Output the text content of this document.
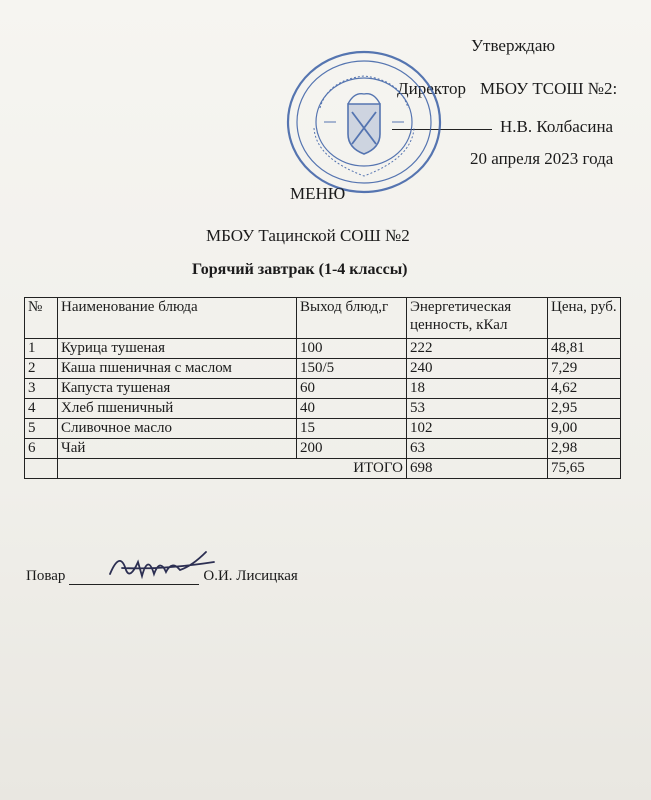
Утверждаю
Директор МБОУ ТСОШ №2:
Н.В. Колбасина
20 апреля 2023 года
МЕНЮ
МБОУ Тацинской СОШ №2
Горячий завтрак (1-4 классы)
№	Наименование блюда	Выход блюд,г	Энергетическая ценность, кКал	Цена, руб.
1	Курица тушеная	100	222	48,81
2	Каша пшеничная с маслом	150/5	240	7,29
3	Капуста тушеная	60	18	4,62
4	Хлеб пшеничный	40	53	2,95
5	Сливочное масло	15	102	9,00
6	Чай	200	63	2,98
	ИТОГО		698	75,65
Повар	О.И. Лисицкая
